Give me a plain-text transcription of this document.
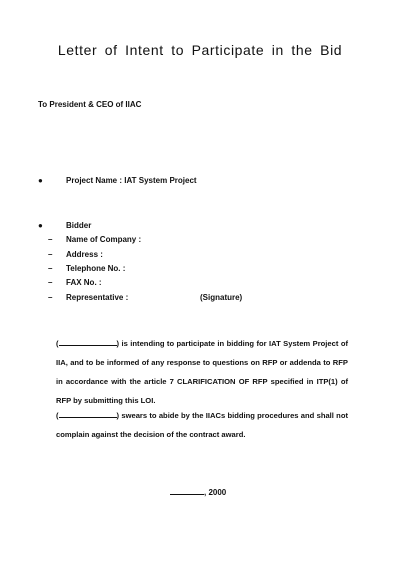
Letter of Intent to Participate in the Bid
To President & CEO of IIAC
●	Project Name : IAT System Project
●	Bidder
– Name of Company :
– Address :
– Telephone No. :
– FAX No. :
– Representative :	(Signature)
(	) is intending to participate in bidding for IAT System Project of IIA, and to be informed of any response to questions on RFP or addenda to RFP in accordance with the article 7 CLARIFICATION OF RFP specified in ITP(1) of RFP by submitting this LOI.
(	) swears to abide by the IIACs bidding procedures and shall not complain against the decision of the contract award.
, 2000
